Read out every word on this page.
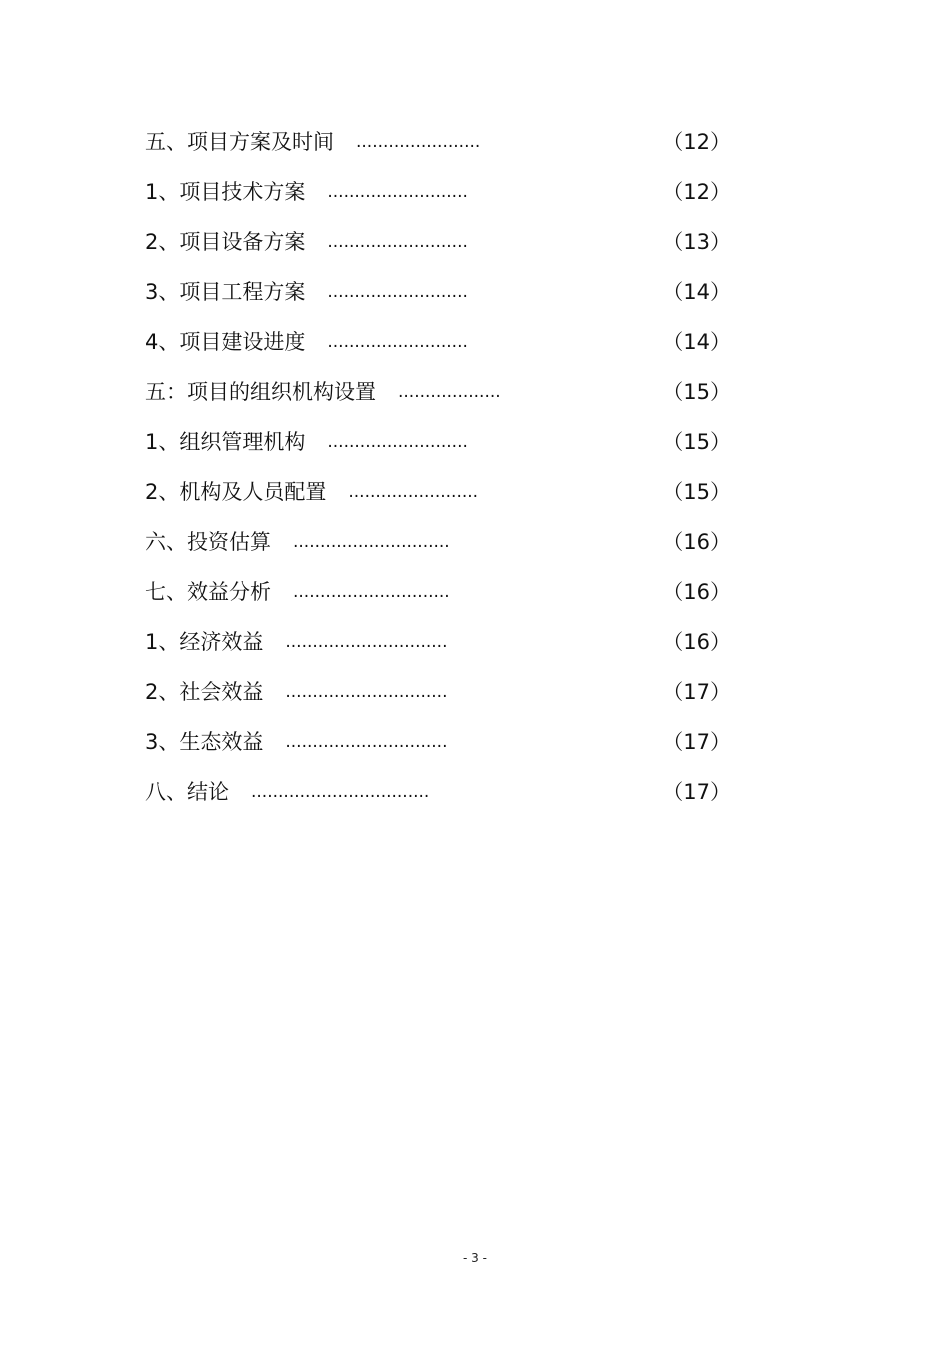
五、项目方案及时间 .......................	（12）
1、项目技术方案 ..........................	（12）
2、项目设备方案 ..........................	（13）
3、项目工程方案 ..........................	（14）
4、项目建设进度 ..........................	（14）
五：项目的组织机构设置 ...................	（15）
1、组织管理机构 ..........................	（15）
2、机构及人员配置 ........................	（15）
六、投资估算 .............................	（16）
七、效益分析 .............................	（16）
1、经济效益 ..............................	（16）
2、社会效益 ..............................	（17）
3、生态效益 ..............................	（17）
八、结论 .................................	（17）
- 3 -
